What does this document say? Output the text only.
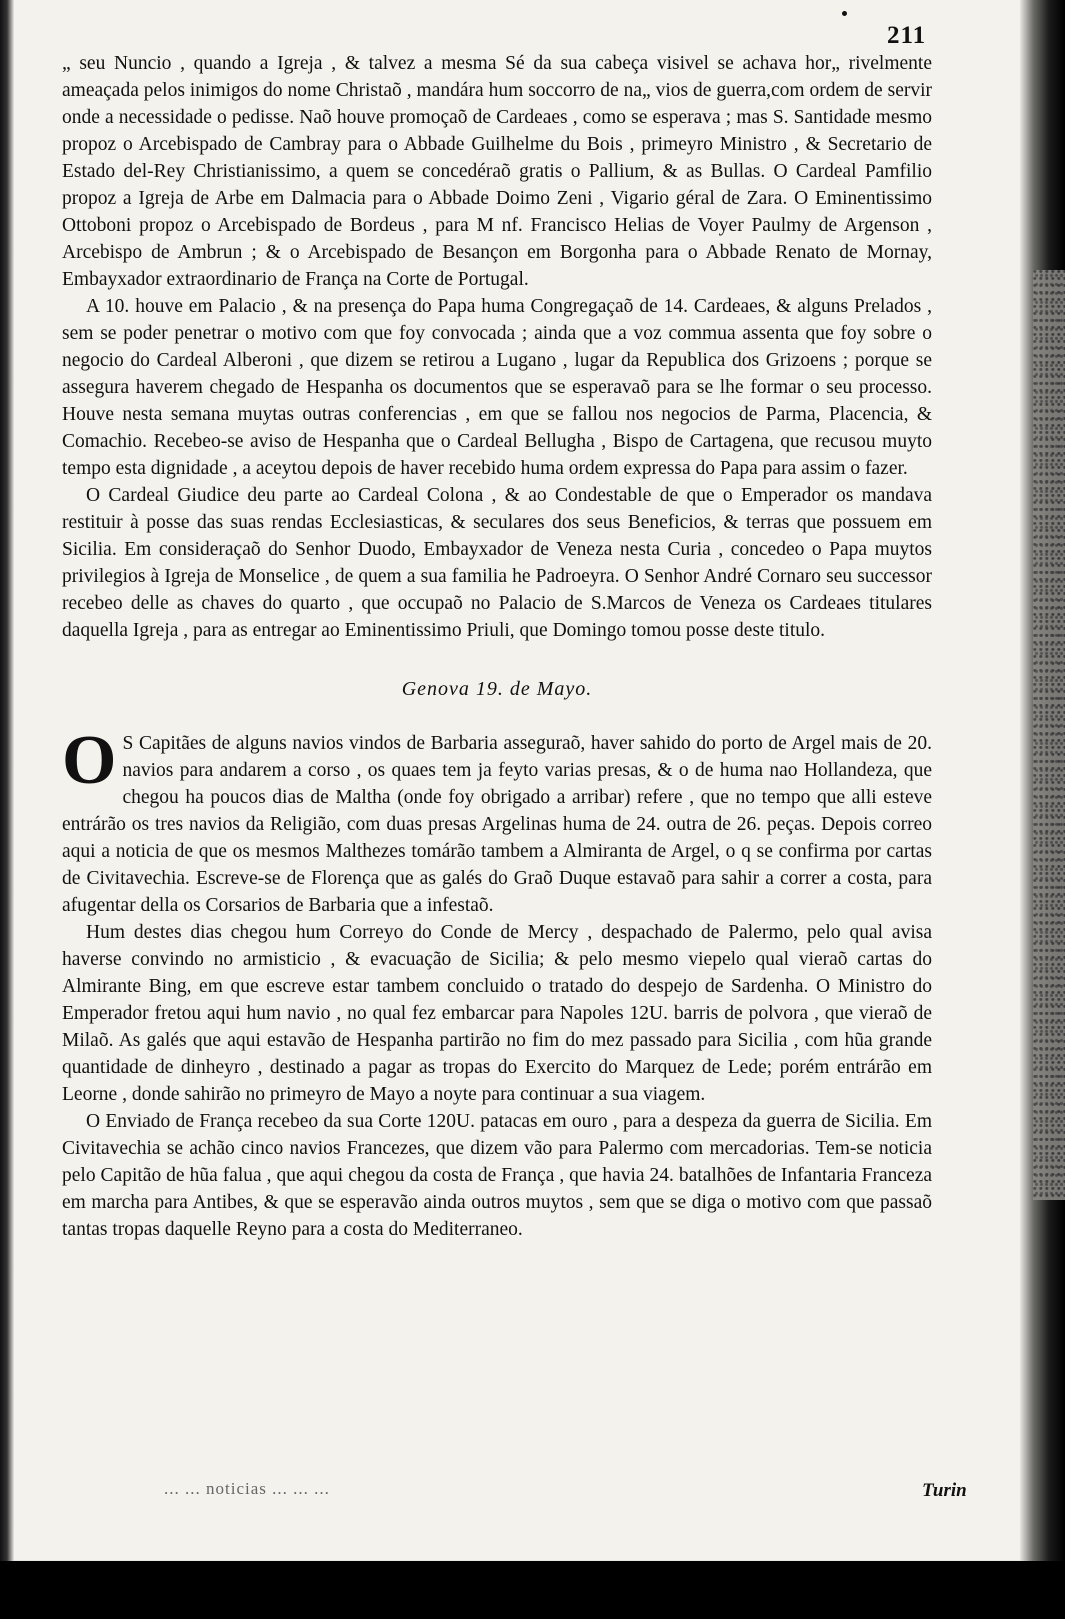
211

„ seu Nuncio , quando a Igreja , & talvez a mesma Sé da sua cabeça visivel se achava hor„ rivelmente ameaçada pelos inimigos do nome Christaõ , mandára hum soccorro de na„ vios de guerra,com ordem de servir onde a necessidade o pedisse. Naõ houve promoçaõ de Cardeaes , como se esperava ; mas S. Santidade mesmo propoz o Arcebispado de Cambray para o Abbade Guilhelme du Bois , primeyro Ministro , & Secretario de Estado del-Rey Christianissimo, a quem se concedéraõ gratis o Pallium, & as Bullas. O Cardeal Pamfilio propoz a Igreja de Arbe em Dalmacia para o Abbade Doimo Zeni , Vigario géral de Zara. O Eminentissimo Ottoboni propoz o Arcebispado de Bordeus , para M nf. Francisco Helias de Voyer Paulmy de Argenson , Arcebispo de Ambrun ; & o Arcebispado de Besançon em Borgonha para o Abbade Renato de Mornay, Embayxador extraordinario de França na Corte de Portugal.

A 10. houve em Palacio , & na presença do Papa huma Congregaçaõ de 14. Cardeaes, & alguns Prelados , sem se poder penetrar o motivo com que foy convocada ; ainda que a voz commua assenta que foy sobre o negocio do Cardeal Alberoni , que dizem se retirou a Lugano , lugar da Republica dos Grizoens ; porque se assegura haverem chegado de Hespanha os documentos que se esperavaõ para se lhe formar o seu processo. Houve nesta semana muytas outras conferencias , em que se fallou nos negocios de Parma, Placencia, & Comachio. Recebeo-se aviso de Hespanha que o Cardeal Bellugha , Bispo de Cartagena, que recusou muyto tempo esta dignidade , a aceytou depois de haver recebido huma ordem expressa do Papa para assim o fazer.

O Cardeal Giudice deu parte ao Cardeal Colona , & ao Condestable de que o Emperador os mandava restituir à posse das suas rendas Ecclesiasticas, & seculares dos seus Beneficios, & terras que possuem em Sicilia. Em consideraçaõ do Senhor Duodo, Embayxador de Veneza nesta Curia , concedeo o Papa muytos privilegios à Igreja de Monselice , de quem a sua familia he Padroeyra. O Senhor André Cornaro seu successor recebeo delle as chaves do quarto , que occupaõ no Palacio de S.Marcos de Veneza os Cardeaes titulares daquella Igreja , para as entregar ao Eminentissimo Priuli, que Domingo tomou posse deste titulo.

Genova 19. de Mayo.

O S Capitães de alguns navios vindos de Barbaria asseguraõ, haver sahido do porto de Argel mais de 20. navios para andarem a corso , os quaes tem ja feyto varias presas, & o de huma nao Hollandeza, que chegou ha poucos dias de Maltha (onde foy obrigado a arribar) refere , que no tempo que alli esteve entrárão os tres navios da Religião, com duas presas Argelinas huma de 24. outra de 26. peças. Depois correo aqui a noticia de que os mesmos Malthezes tomárão tambem a Almiranta de Argel, o q se confirma por cartas de Civitavechia. Escreve-se de Florença que as galés do Graõ Duque estavaõ para sahir a correr a costa, para afugentar della os Corsarios de Barbaria que a infestaõ.

Hum destes dias chegou hum Correyo do Conde de Mercy , despachado de Palermo, pelo qual avisa haverse convindo no armisticio , & evacuação de Sicilia; & pelo mesmo viepelo qual vieraõ cartas do Almirante Bing, em que escreve estar tambem concluido o tratado do despejo de Sardenha. O Ministro do Emperador fretou aqui hum navio , no qual fez embarcar para Napoles 12U. barris de polvora , que vieraõ de Milaõ. As galés que aqui estavão de Hespanha partirão no fim do mez passado para Sicilia , com hũa grande quantidade de dinheyro , destinado a pagar as tropas do Exercito do Marquez de Lede; porém entrárão em Leorne , donde sahirão no primeyro de Mayo a noyte para continuar a sua viagem.

O Enviado de França recebeo da sua Corte 120U. patacas em ouro , para a despeza da guerra de Sicilia. Em Civitavechia se achão cinco navios Francezes, que dizem vão para Palermo com mercadorias. Tem-se noticia pelo Capitão de hũa falua , que aqui chegou da costa de França , que havia 24. batalhões de Infantaria Franceza em marcha para Antibes, & que se esperavão ainda outros muytos , sem que se diga o motivo com que passaõ tantas tropas daquelle Reyno para a costa do Mediterraneo.

... ... noticias ... ... ...	Turin
